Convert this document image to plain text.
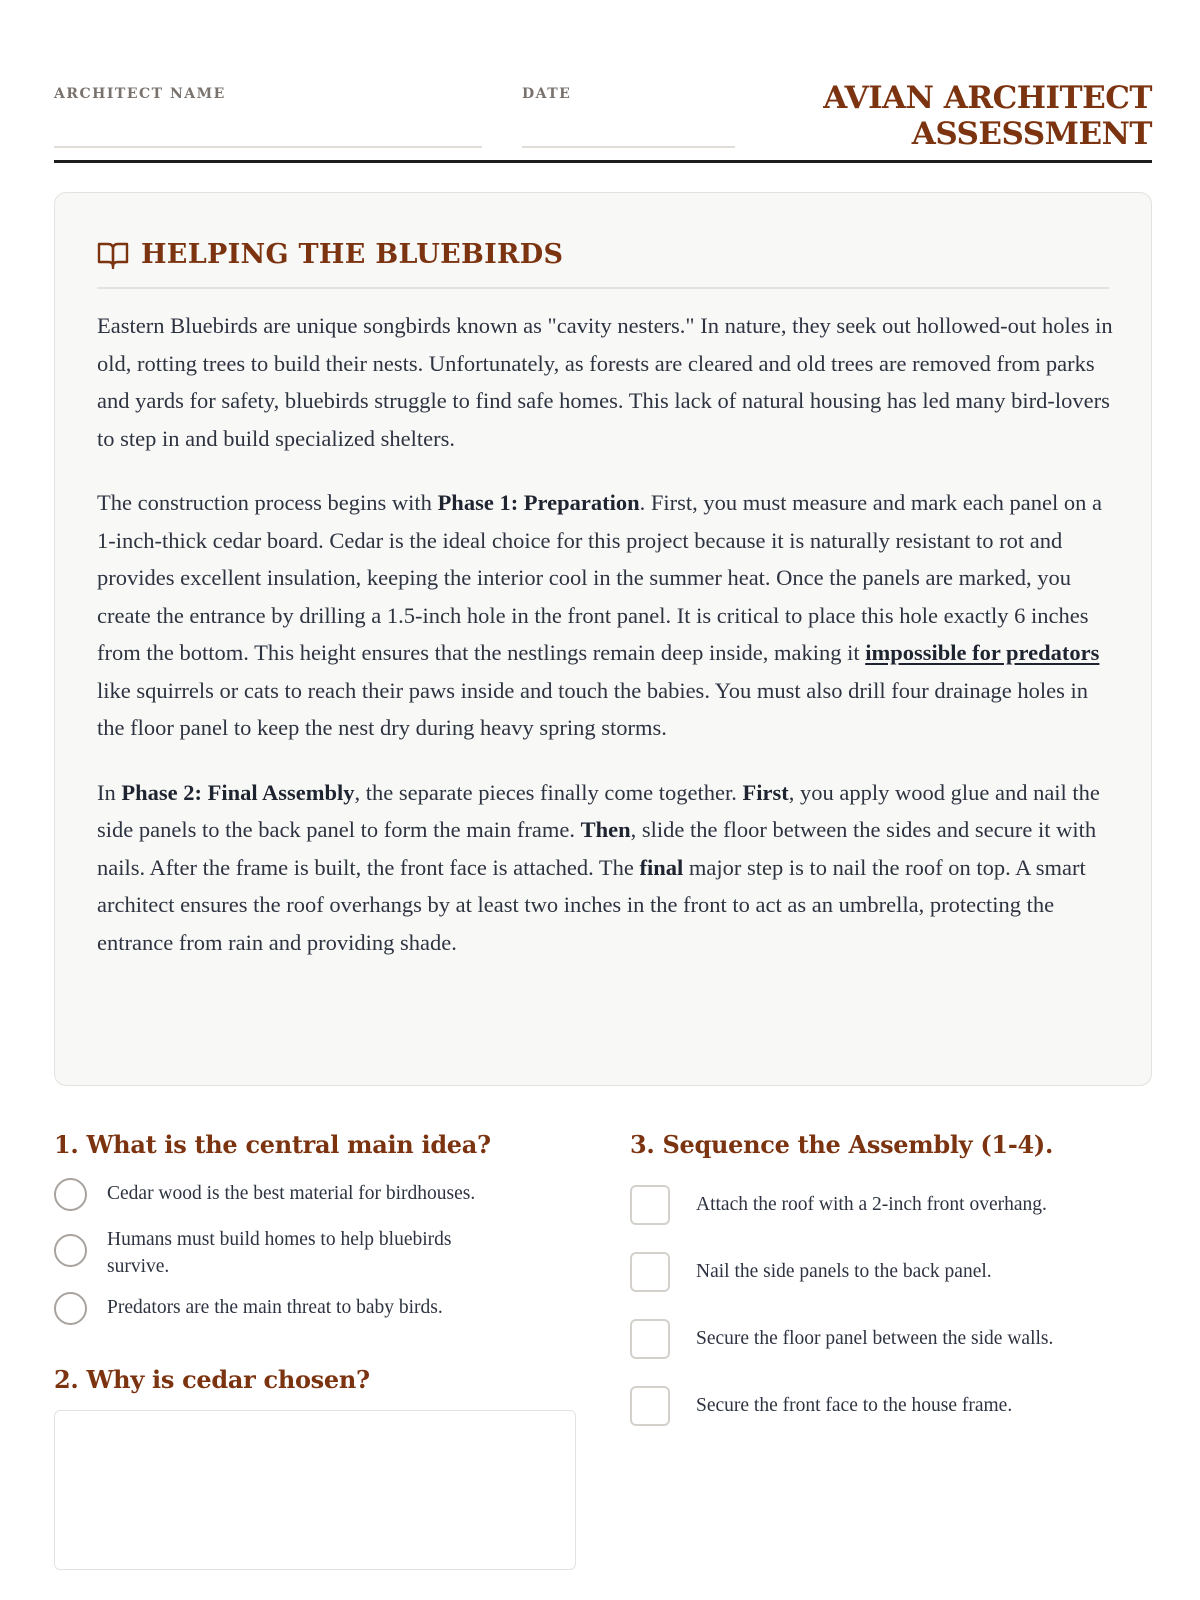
ARCHITECT NAME	DATE	AVIAN ARCHITECT
ASSESSMENT
HELPING THE BLUEBIRDS

Eastern Bluebirds are unique songbirds known as "cavity nesters." In nature, they seek out hollowed-out holes in old, rotting trees to build their nests. Unfortunately, as forests are cleared and old trees are removed from parks and yards for safety, bluebirds struggle to find safe homes. This lack of natural housing has led many bird-lovers to step in and build specialized shelters.

The construction process begins with Phase 1: Preparation. First, you must measure and mark each panel on a 1-inch-thick cedar board. Cedar is the ideal choice for this project because it is naturally resistant to rot and provides excellent insulation, keeping the interior cool in the summer heat. Once the panels are marked, you create the entrance by drilling a 1.5-inch hole in the front panel. It is critical to place this hole exactly 6 inches from the bottom. This height ensures that the nestlings remain deep inside, making it impossible for predators like squirrels or cats to reach their paws inside and touch the babies. You must also drill four drainage holes in the floor panel to keep the nest dry during heavy spring storms.

In Phase 2: Final Assembly, the separate pieces finally come together. First, you apply wood glue and nail the side panels to the back panel to form the main frame. Then, slide the floor between the sides and secure it with nails. After the frame is built, the front face is attached. The final major step is to nail the roof on top. A smart architect ensures the roof overhangs by at least two inches in the front to act as an umbrella, protecting the entrance from rain and providing shade.

1. What is the central main idea?
Cedar wood is the best material for birdhouses.
Humans must build homes to help bluebirds survive.
Predators are the main threat to baby birds.
2. Why is cedar chosen?
3. Sequence the Assembly (1-4).
Attach the roof with a 2-inch front overhang.
Nail the side panels to the back panel.
Secure the floor panel between the side walls.
Secure the front face to the house frame.
